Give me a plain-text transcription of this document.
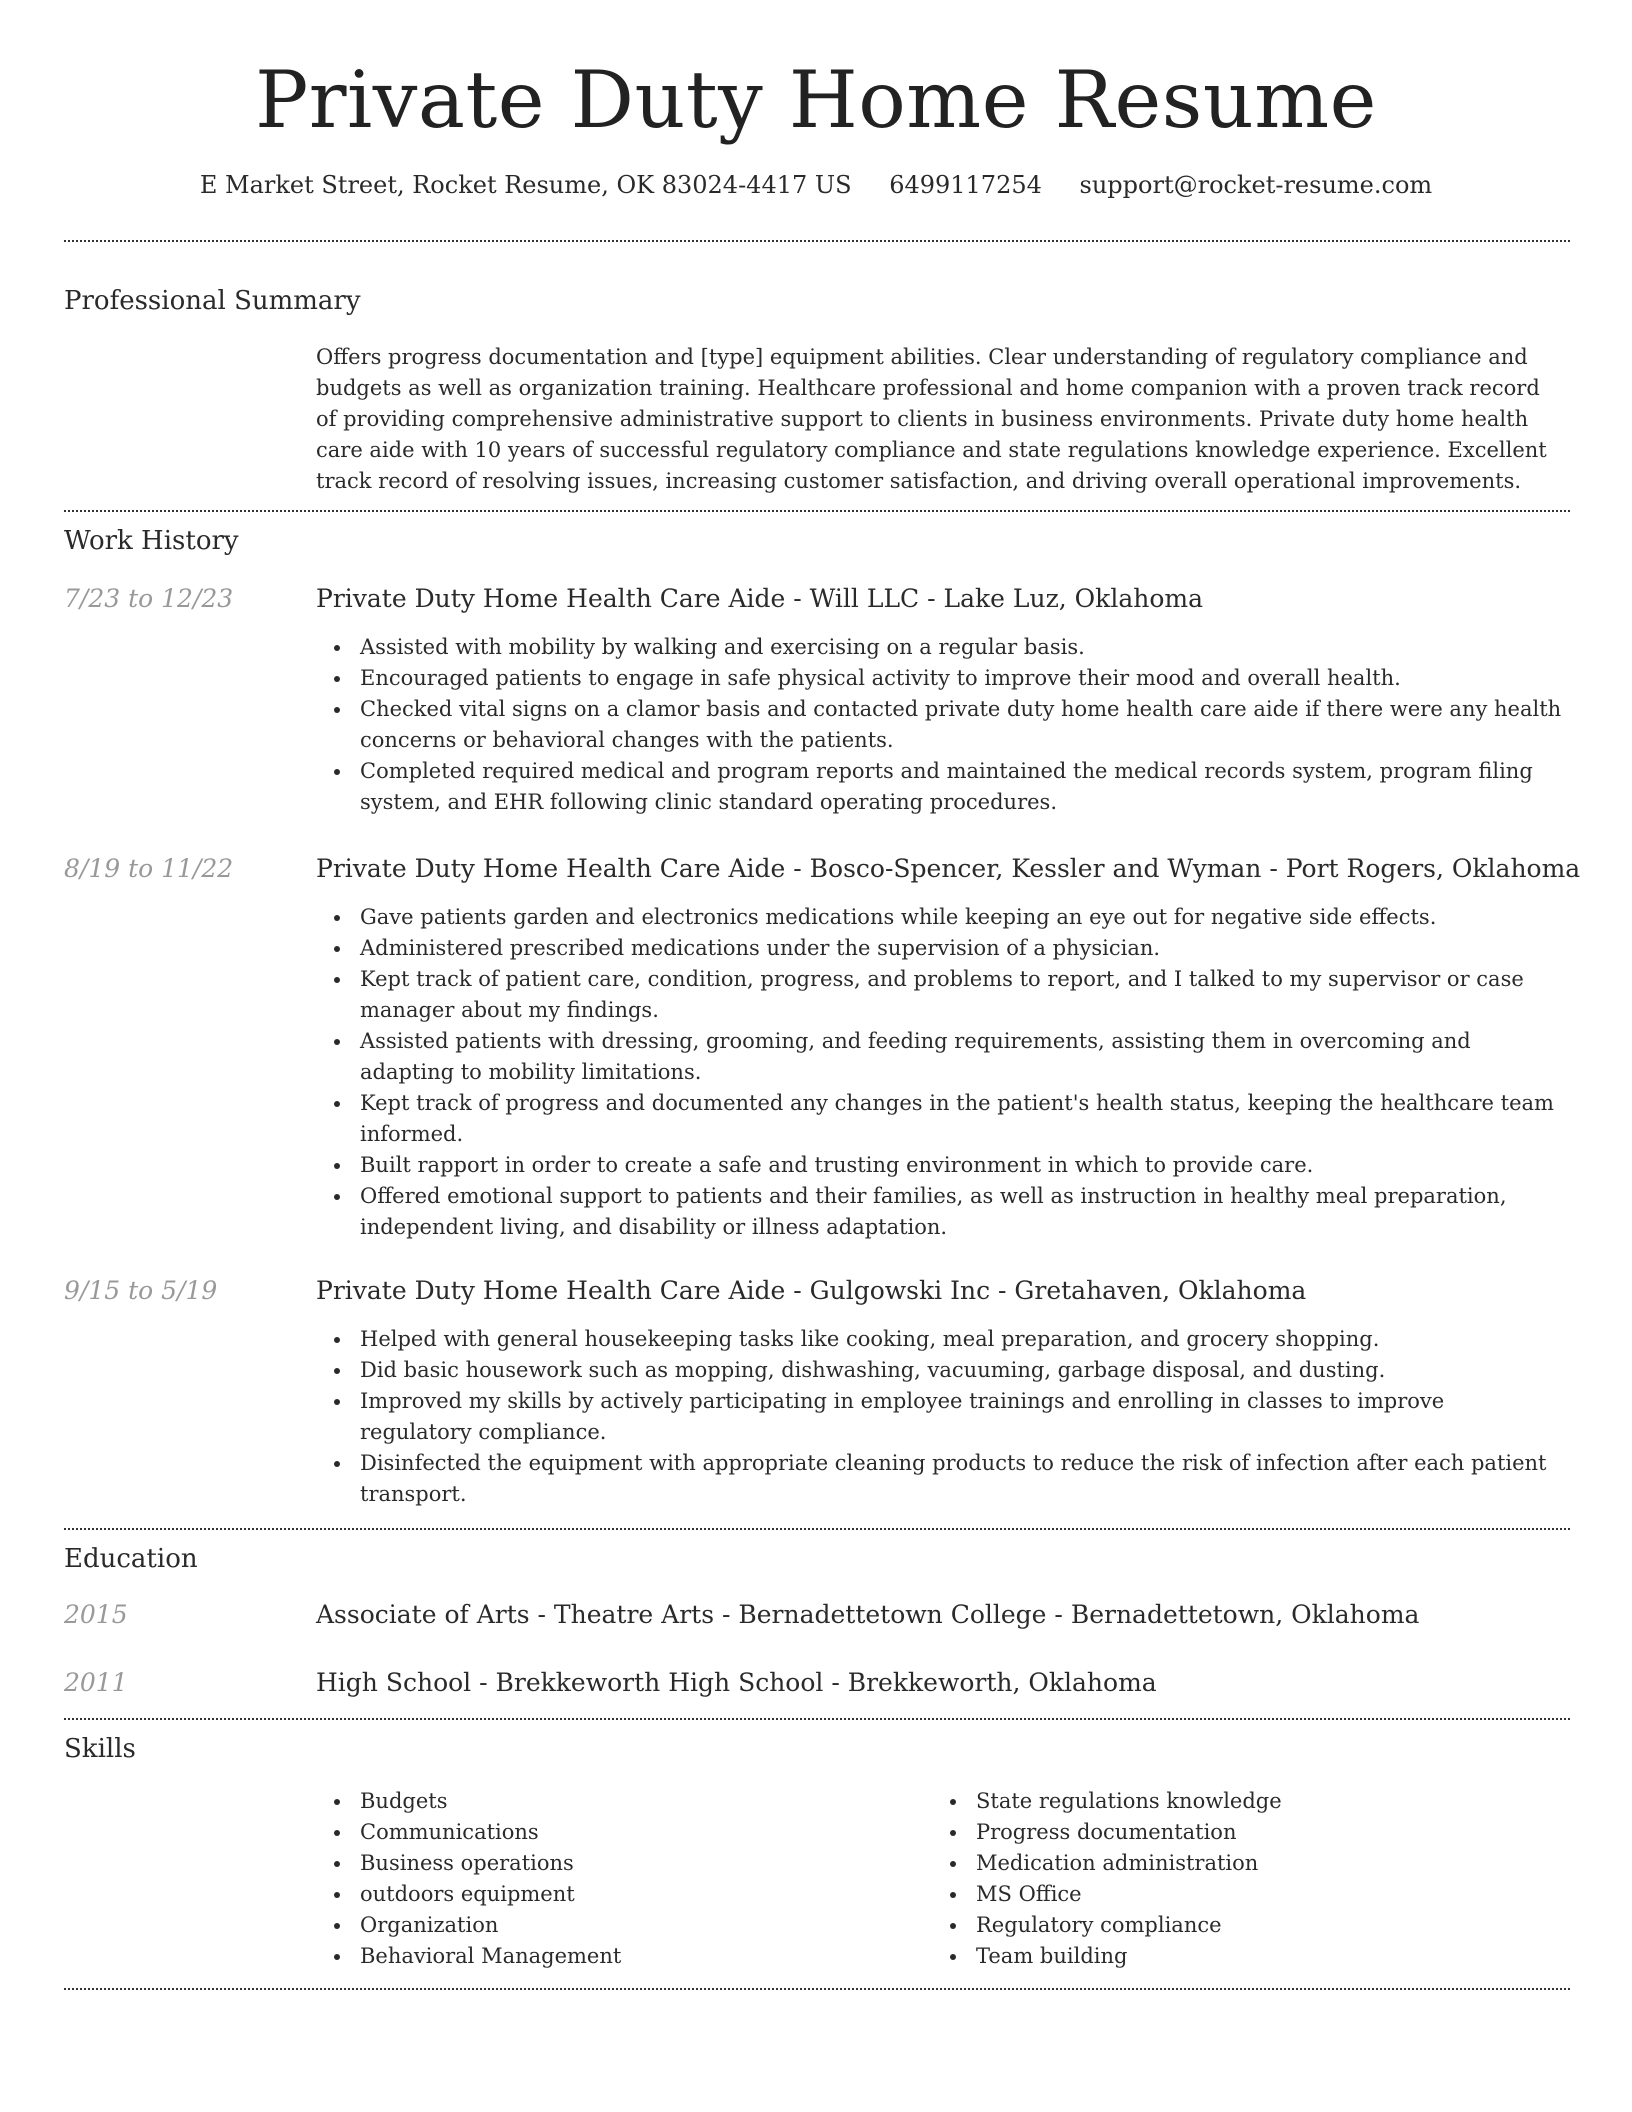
Private Duty Home Resume
E Market Street, Rocket Resume, OK 83024-4417 US 6499117254 support@rocket-resume.com
Professional Summary
Offers progress documentation and [type] equipment abilities. Clear understanding of regulatory compliance and budgets as well as organization training. Healthcare professional and home companion with a proven track record of providing comprehensive administrative support to clients in business environments. Private duty home health care aide with 10 years of successful regulatory compliance and state regulations knowledge experience. Excellent track record of resolving issues, increasing customer satisfaction, and driving overall operational improvements.
Work History
7/23 to 12/23	Private Duty Home Health Care Aide - Will LLC - Lake Luz, Oklahoma
Assisted with mobility by walking and exercising on a regular basis.
Encouraged patients to engage in safe physical activity to improve their mood and overall health.
Checked vital signs on a clamor basis and contacted private duty home health care aide if there were any health concerns or behavioral changes with the patients.
Completed required medical and program reports and maintained the medical records system, program filing system, and EHR following clinic standard operating procedures.
8/19 to 11/22	Private Duty Home Health Care Aide - Bosco-Spencer, Kessler and Wyman - Port Rogers, Oklahoma
Gave patients garden and electronics medications while keeping an eye out for negative side effects.
Administered prescribed medications under the supervision of a physician.
Kept track of patient care, condition, progress, and problems to report, and I talked to my supervisor or case manager about my findings.
Assisted patients with dressing, grooming, and feeding requirements, assisting them in overcoming and adapting to mobility limitations.
Kept track of progress and documented any changes in the patient's health status, keeping the healthcare team informed.
Built rapport in order to create a safe and trusting environment in which to provide care.
Offered emotional support to patients and their families, as well as instruction in healthy meal preparation, independent living, and disability or illness adaptation.
9/15 to 5/19	Private Duty Home Health Care Aide - Gulgowski Inc - Gretahaven, Oklahoma
Helped with general housekeeping tasks like cooking, meal preparation, and grocery shopping.
Did basic housework such as mopping, dishwashing, vacuuming, garbage disposal, and dusting.
Improved my skills by actively participating in employee trainings and enrolling in classes to improve regulatory compliance.
Disinfected the equipment with appropriate cleaning products to reduce the risk of infection after each patient transport.
Education
2015	Associate of Arts - Theatre Arts - Bernadettetown College - Bernadettetown, Oklahoma
2011	High School - Brekkeworth High School - Brekkeworth, Oklahoma
Skills
Budgets
Communications
Business operations
outdoors equipment
Organization
Behavioral Management
State regulations knowledge
Progress documentation
Medication administration
MS Office
Regulatory compliance
Team building
